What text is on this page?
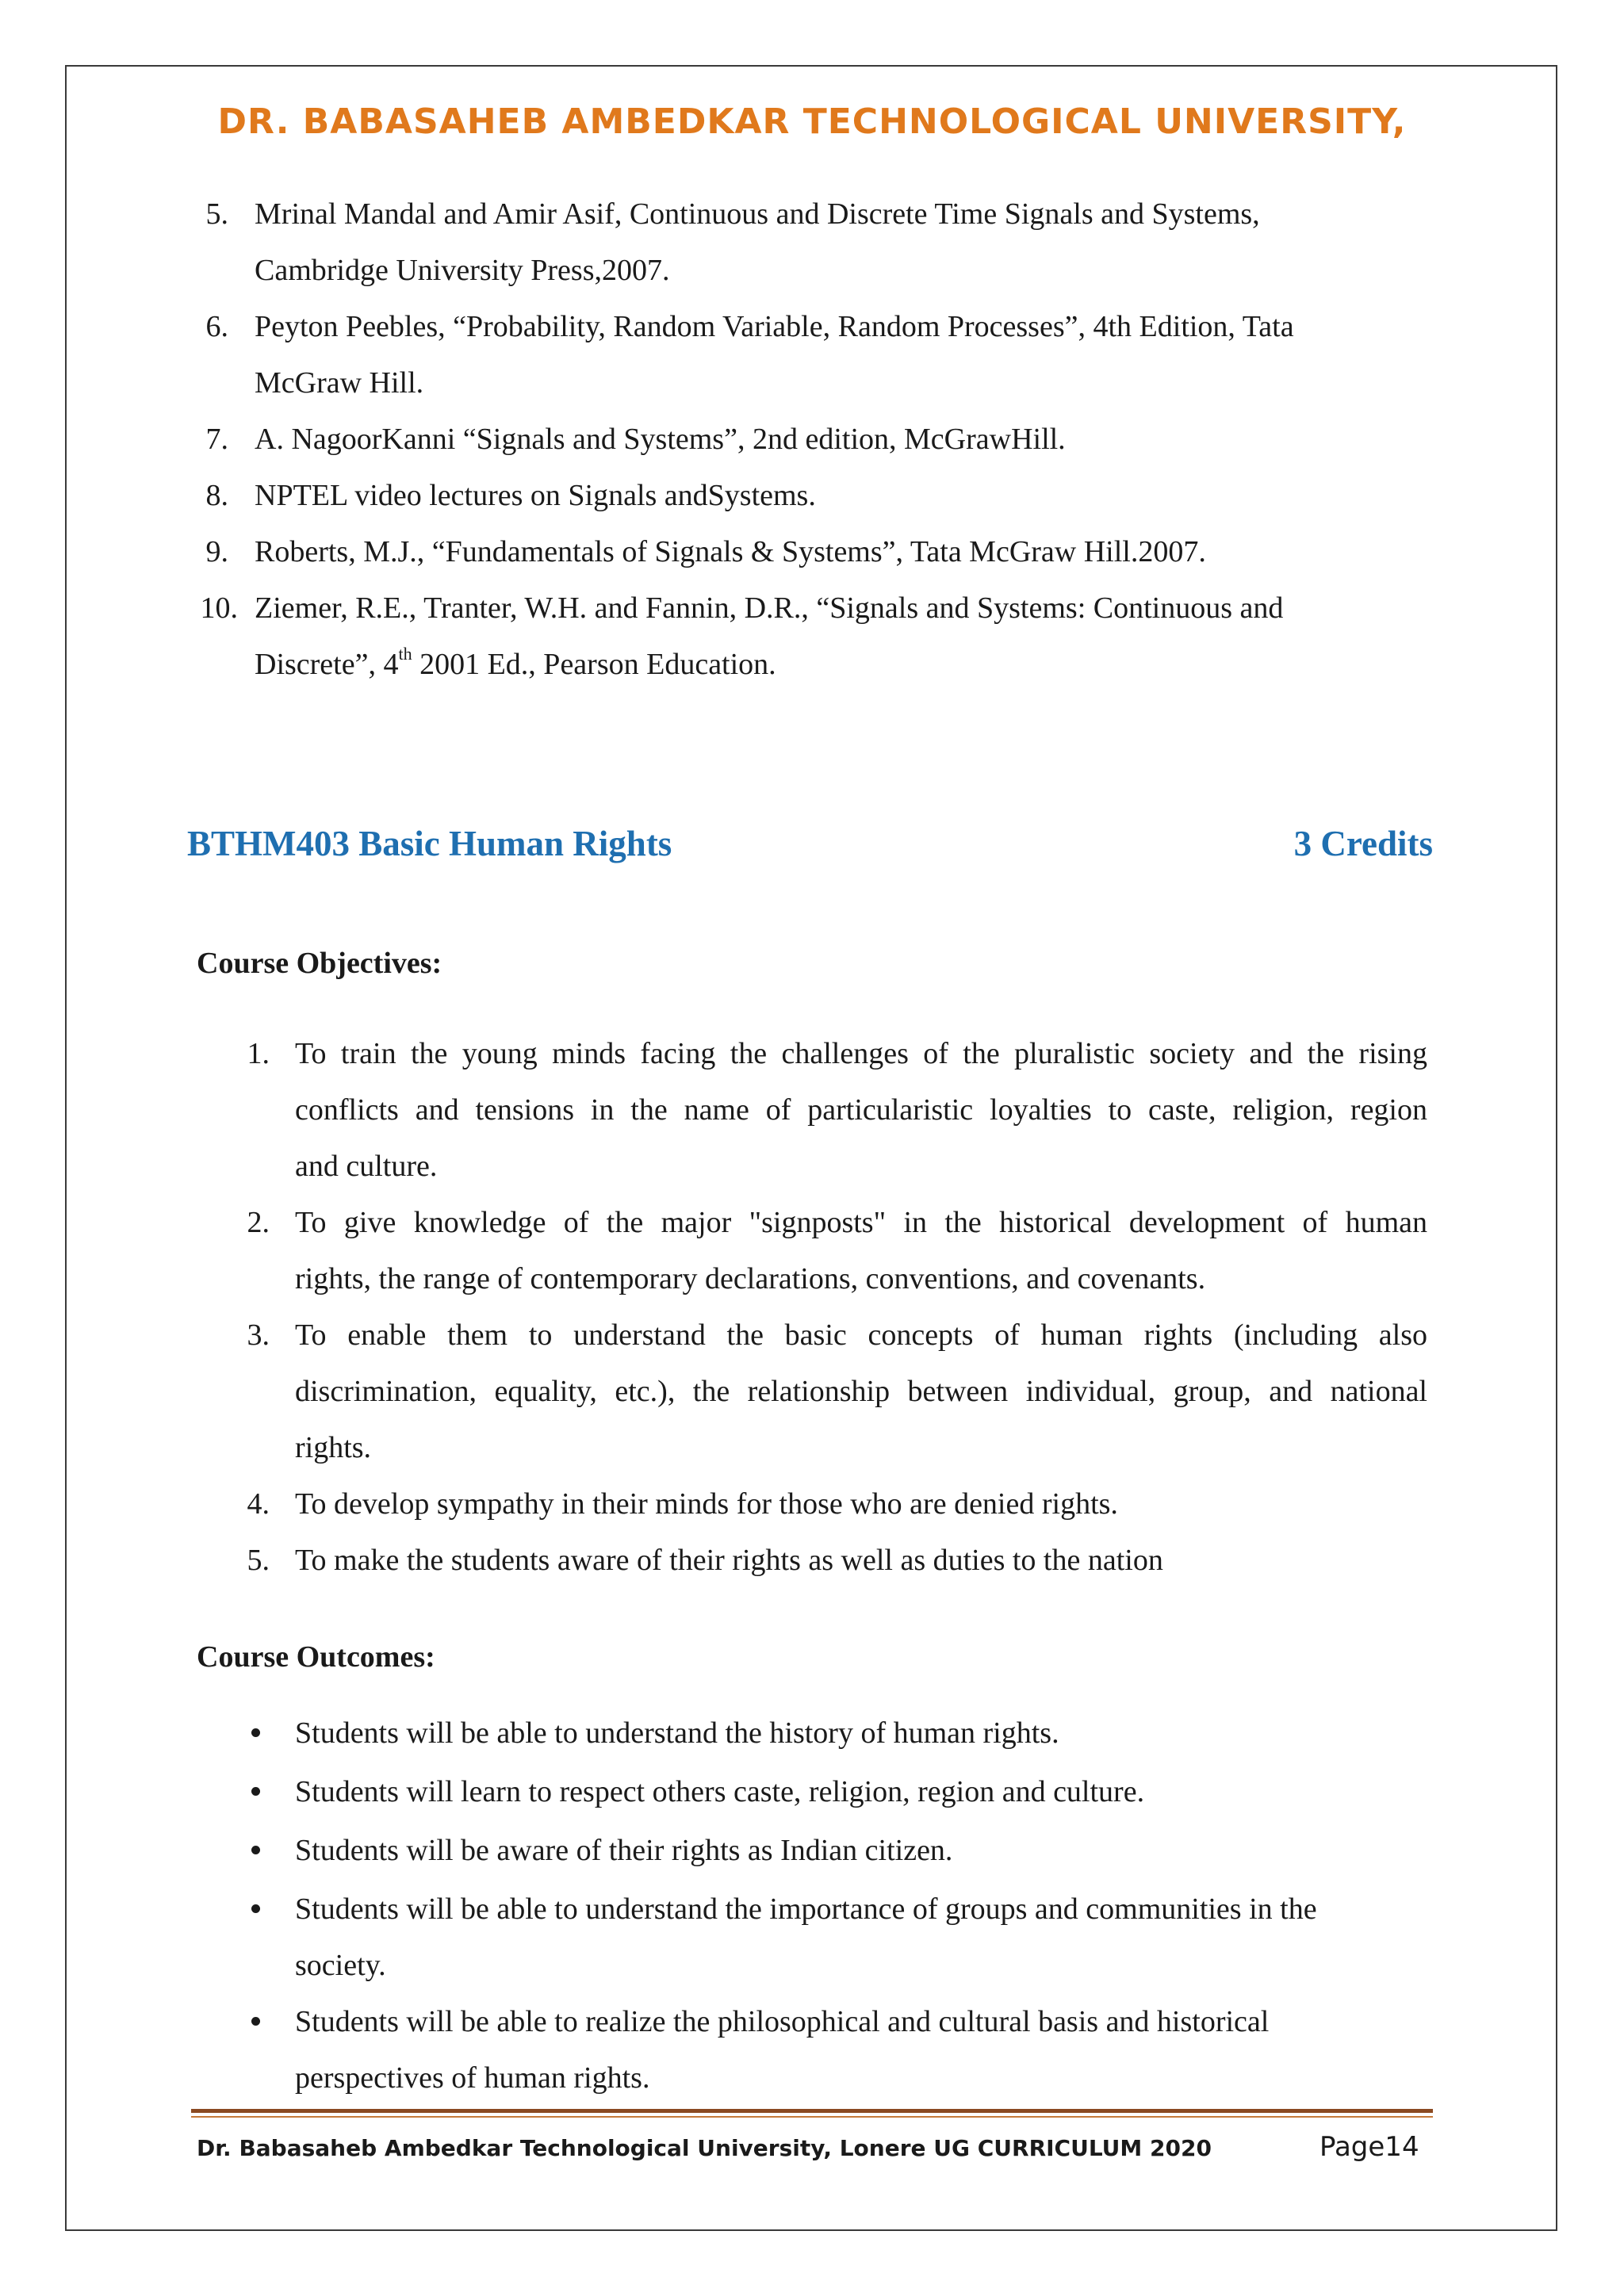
DR. BABASAHEB AMBEDKAR TECHNOLOGICAL UNIVERSITY,
5. Mrinal Mandal and Amir Asif, Continuous and Discrete Time Signals and Systems,
Cambridge University Press,2007.
6. Peyton Peebles, “Probability, Random Variable, Random Processes”, 4th Edition, Tata
McGraw Hill.
7. A. NagoorKanni “Signals and Systems”, 2nd edition, McGrawHill.
8. NPTEL video lectures on Signals andSystems.
9. Roberts, M.J., “Fundamentals of Signals & Systems”, Tata McGraw Hill.2007.
10. Ziemer, R.E., Tranter, W.H. and Fannin, D.R., “Signals and Systems: Continuous and
Discrete”, 4th 2001 Ed., Pearson Education.
BTHM403 Basic Human Rights	3 Credits
Course Objectives:
1. To train the young minds facing the challenges of the pluralistic society and the rising
conflicts and tensions in the name of particularistic loyalties to caste, religion, region
and culture.
2. To give knowledge of the major "signposts" in the historical development of human
rights, the range of contemporary declarations, conventions, and covenants.
3. To enable them to understand the basic concepts of human rights (including also
discrimination, equality, etc.), the relationship between individual, group, and national
rights.
4. To develop sympathy in their minds for those who are denied rights.
5. To make the students aware of their rights as well as duties to the nation
Course Outcomes:
Students will be able to understand the history of human rights.
Students will learn to respect others caste, religion, region and culture.
Students will be aware of their rights as Indian citizen.
Students will be able to understand the importance of groups and communities in the
society.
Students will be able to realize the philosophical and cultural basis and historical
perspectives of human rights.
Dr. Babasaheb Ambedkar Technological University, Lonere UG CURRICULUM 2020	Page14
